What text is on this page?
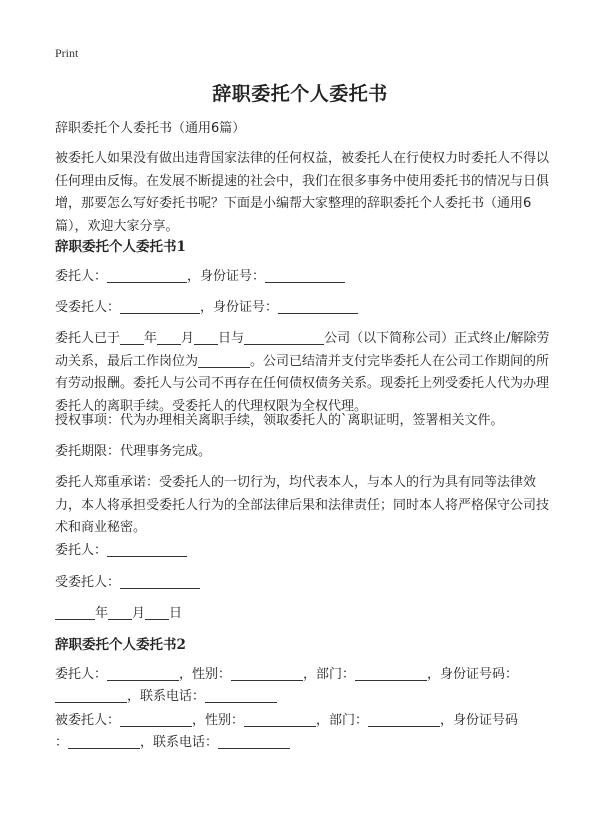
Print
辞职委托个人委托书
辞职委托个人委托书（通用6篇）
被委托人如果没有做出违背国家法律的任何权益，被委托人在行使权力时委托人不得以任何理由反悔。在发展不断提速的社会中，我们在很多事务中使用委托书的情况与日俱增，那要怎么写好委托书呢？下面是小编帮大家整理的辞职委托个人委托书（通用6篇），欢迎大家分享。
辞职委托个人委托书1
委托人：	，身份证号：
受委托人：	，身份证号：
委托人已于 年 月 日与	公司（以下简称公司）正式终止/解除劳动关系，最后工作岗位为	。公司已结清并支付完毕委托人在公司工作期间的所有劳动报酬。委托人与公司不再存在任何债权债务关系。现委托上列受委托人代为办理委托人的离职手续。受委托人的代理权限为全权代理。
授权事项：代为办理相关离职手续，领取委托人的`离职证明，签署相关文件。
委托期限：代理事务完成。
委托人郑重承诺：受委托人的一切行为，均代表本人，与本人的行为具有同等法律效力，本人将承担受委托人行为的全部法律后果和法律责任；同时本人将严格保守公司技术和商业秘密。
委托人：
受委托人：
年 月 日
辞职委托个人委托书2
委托人：	，性别：	，部门：	，身份证号码：
，联系电话：
被委托人：	，性别：	，部门：	，身份证号码
：	，联系电话：
